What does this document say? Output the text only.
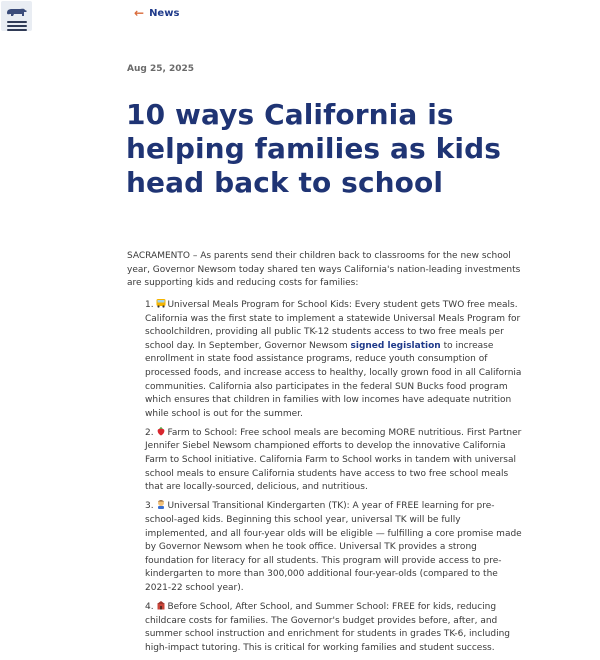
← News
Aug 25, 2025
10 ways California is helping families as kids head back to school

SACRAMENTO – As parents send their children back to classrooms for the new school year, Governor Newsom today shared ten ways California's nation-leading investments are supporting kids and reducing costs for families:

1. Universal Meals Program for School Kids: Every student gets TWO free meals. California was the first state to implement a statewide Universal Meals Program for schoolchildren, providing all public TK-12 students access to two free meals per school day. In September, Governor Newsom signed legislation to increase enrollment in state food assistance programs, reduce youth consumption of processed foods, and increase access to healthy, locally grown food in all California communities. California also participates in the federal SUN Bucks food program which ensures that children in families with low incomes have adequate nutrition while school is out for the summer.
2. Farm to School: Free school meals are becoming MORE nutritious. First Partner Jennifer Siebel Newsom championed efforts to develop the innovative California Farm to School initiative. California Farm to School works in tandem with universal school meals to ensure California students have access to two free school meals that are locally-sourced, delicious, and nutritious.
3. Universal Transitional Kindergarten (TK): A year of FREE learning for pre-school-aged kids. Beginning this school year, universal TK will be fully implemented, and all four-year olds will be eligible — fulfilling a core promise made by Governor Newsom when he took office. Universal TK provides a strong foundation for literacy for all students. This program will provide access to pre-kindergarten to more than 300,000 additional four-year-olds (compared to the 2021-22 school year).
4. Before School, After School, and Summer School: FREE for kids, reducing childcare costs for families. The Governor's budget provides before, after, and summer school instruction and enrichment for students in grades TK-6, including high-impact tutoring. This is critical for working families and student success.
